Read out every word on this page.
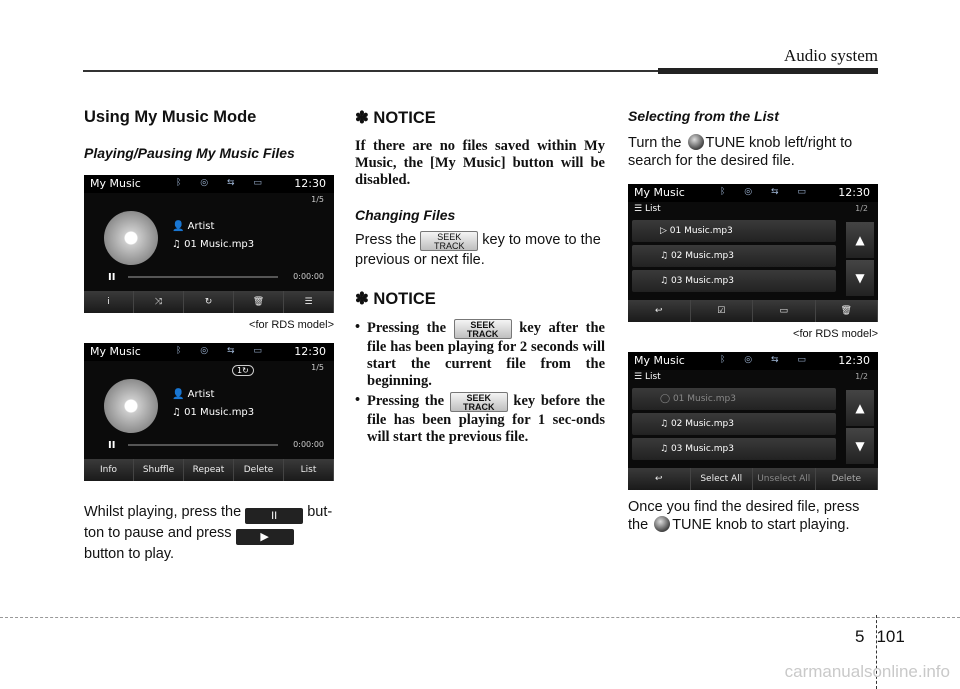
Audio system
Using My Music Mode
Playing/Pausing My Music Files
My Music	ᛒ ◎ ⇆ ▭ 12:30
1/5
👤 Artist
♫ 01 Music.mp3
II	0:00:00
i	⤨	↻	🗑	☰
<for RDS model>
My Music	ᛒ ◎ ⇆ ▭ 12:30
1↻	1/5
👤 Artist
♫ 01 Music.mp3
II	0:00:00
Info	Shuffle	Repeat	Delete	List

Whilst playing, press the II but-ton to pause and press ▶ button to play.

✽ NOTICE
If there are no files saved within My Music, the [My Music] button will be disabled.
Changing Files

Press the SEEK
TRACK key to move to the previous or next file.

✽ NOTICE
• Pressing the SEEK
TRACK key after the file has been playing for 2 seconds will start the current file from the beginning.
• Pressing the SEEK
TRACK key before the file has been playing for 1 sec-onds will start the previous file.
Selecting from the List

Turn the TUNE knob left/right to search for the desired file.

My Music	ᛒ ◎ ⇆ ▭ 12:30
☰ List	1/2
▷ 01 Music.mp3
♫ 02 Music.mp3
♫ 03 Music.mp3
▲
▼
↩	☑	▭	🗑
<for RDS model>
My Music	ᛒ ◎ ⇆ ▭ 12:30
☰ List	1/2
◯ 01 Music.mp3
♫ 02 Music.mp3
♫ 03 Music.mp3
▲
▼
↩	Select All	Unselect All	Delete

Once you find the desired file, press the TUNE knob to start playing.

5 101
carmanualsonline.info
